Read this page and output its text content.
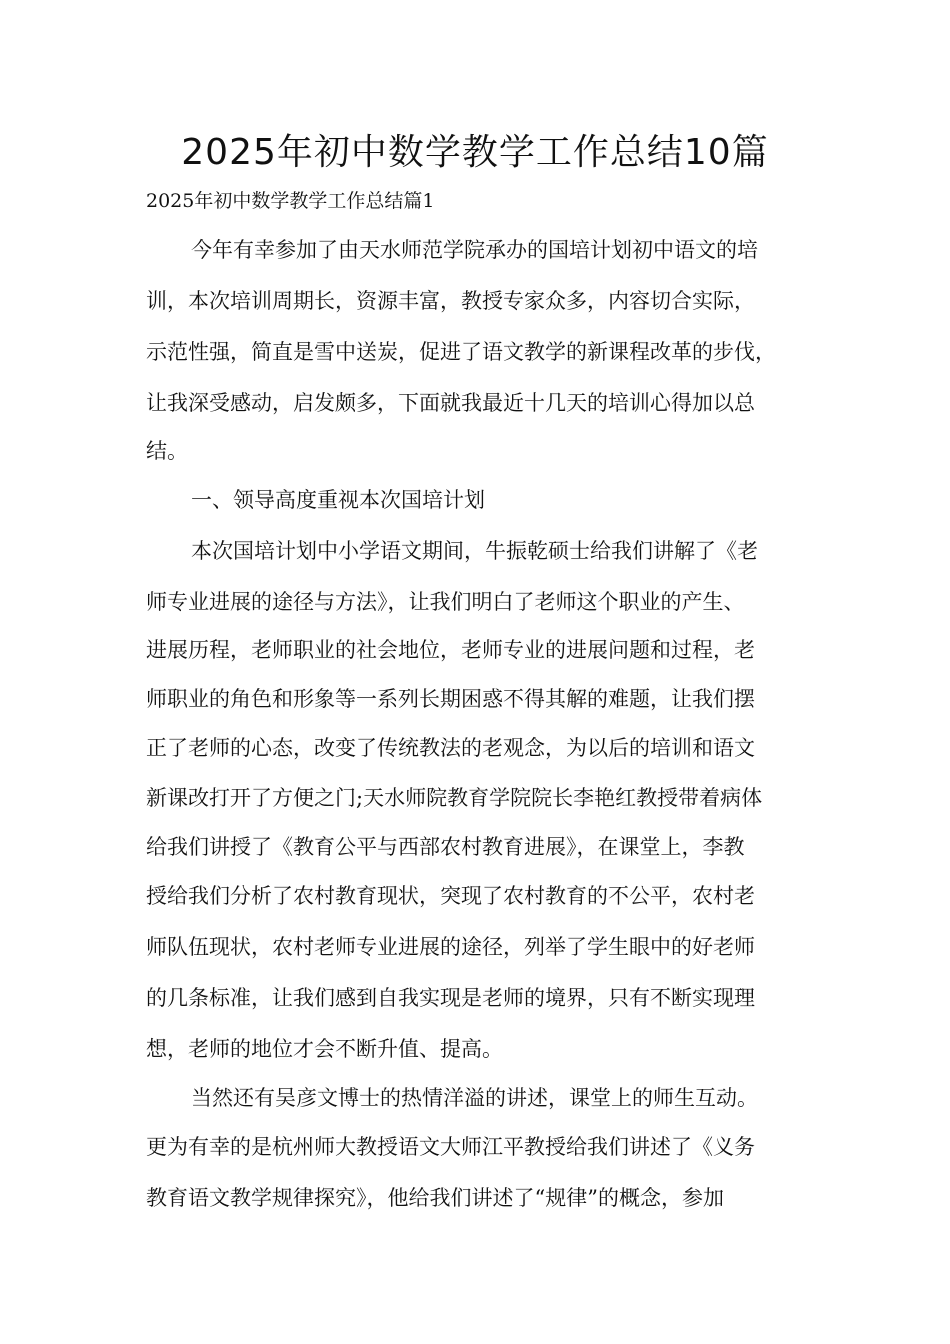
2025年初中数学教学工作总结10篇
2025年初中数学教学工作总结篇1
今年有幸参加了由天水师范学院承办的国培计划初中语文的培
训，本次培训周期长，资源丰富，教授专家众多，内容切合实际，
示范性强，简直是雪中送炭，促进了语文教学的新课程改革的步伐，
让我深受感动，启发颇多，下面就我最近十几天的培训心得加以总
结。
一、领导高度重视本次国培计划
本次国培计划中小学语文期间，牛振乾硕士给我们讲解了《老
师专业进展的途径与方法》，让我们明白了老师这个职业的产生、
进展历程，老师职业的社会地位，老师专业的进展问题和过程，老
师职业的角色和形象等一系列长期困惑不得其解的难题，让我们摆
正了老师的心态，改变了传统教法的老观念，为以后的培训和语文
新课改打开了方便之门;天水师院教育学院院长李艳红教授带着病体
给我们讲授了《教育公平与西部农村教育进展》，在课堂上，李教
授给我们分析了农村教育现状，突现了农村教育的不公平，农村老
师队伍现状，农村老师专业进展的途径，列举了学生眼中的好老师
的几条标准，让我们感到自我实现是老师的境界，只有不断实现理
想，老师的地位才会不断升值、提高。
当然还有吴彦文博士的热情洋溢的讲述，课堂上的师生互动。
更为有幸的是杭州师大教授语文大师江平教授给我们讲述了《义务
教育语文教学规律探究》，他给我们讲述了“规律”的概念，参加
